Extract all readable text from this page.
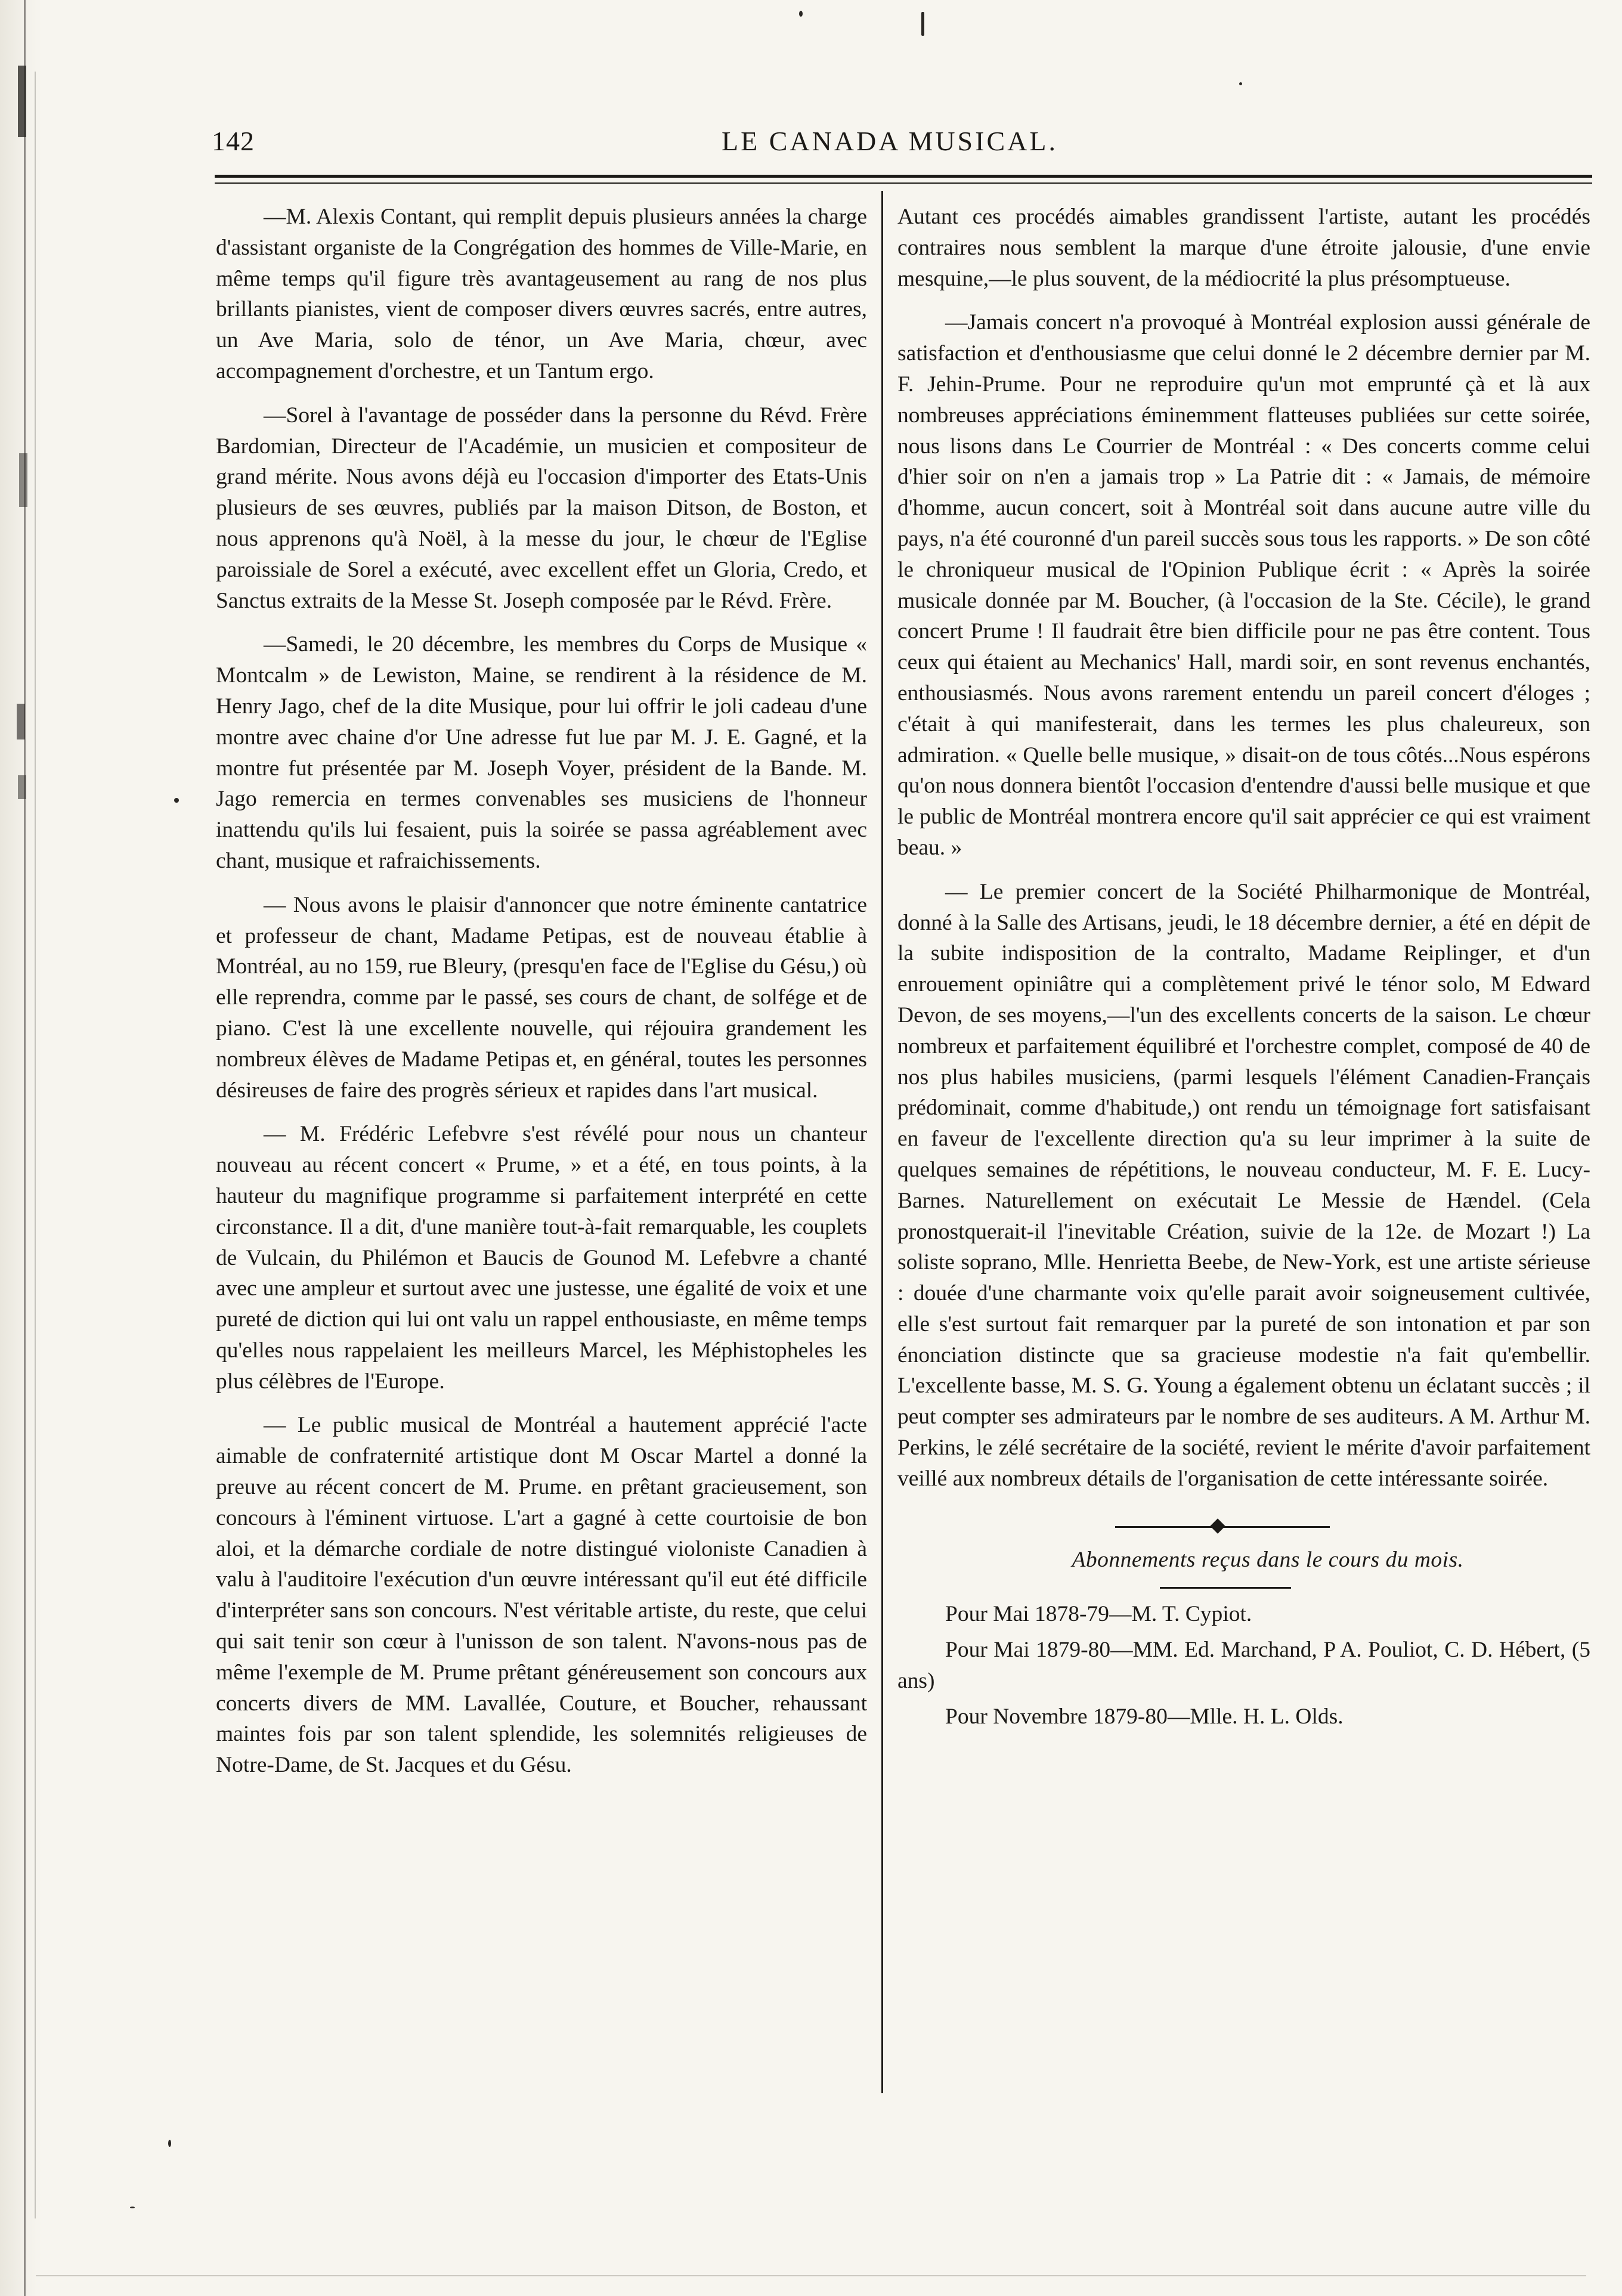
142	LE CANADA MUSICAL.

—M. Alexis Contant, qui remplit depuis plusieurs années la charge d'assistant organiste de la Congrégation des hommes de Ville-Marie, en même temps qu'il figure très avantageusement au rang de nos plus brillants pianistes, vient de composer divers œuvres sacrés, entre autres, un Ave Maria, solo de ténor, un Ave Maria, chœur, avec accompagnement d'orchestre, et un Tantum ergo.

—Sorel à l'avantage de posséder dans la personne du Révd. Frère Bardomian, Directeur de l'Académie, un musicien et compositeur de grand mérite. Nous avons déjà eu l'occasion d'importer des Etats-Unis plusieurs de ses œuvres, publiés par la maison Ditson, de Boston, et nous apprenons qu'à Noël, à la messe du jour, le chœur de l'Eglise paroissiale de Sorel a exécuté, avec excellent effet un Gloria, Credo, et Sanctus extraits de la Messe St. Joseph composée par le Révd. Frère.

—Samedi, le 20 décembre, les membres du Corps de Musique « Montcalm » de Lewiston, Maine, se rendirent à la résidence de M. Henry Jago, chef de la dite Musique, pour lui offrir le joli cadeau d'une montre avec chaine d'or Une adresse fut lue par M. J. E. Gagné, et la montre fut présentée par M. Joseph Voyer, président de la Bande. M. Jago remercia en termes convenables ses musiciens de l'honneur inattendu qu'ils lui fesaient, puis la soirée se passa agréablement avec chant, musique et rafraichissements.

— Nous avons le plaisir d'annoncer que notre éminente cantatrice et professeur de chant, Madame Petipas, est de nouveau établie à Montréal, au no 159, rue Bleury, (presqu'en face de l'Eglise du Gésu,) où elle reprendra, comme par le passé, ses cours de chant, de solfége et de piano. C'est là une excellente nouvelle, qui réjouira grandement les nombreux élèves de Madame Petipas et, en général, toutes les personnes désireuses de faire des progrès sérieux et rapides dans l'art musical.

— M. Frédéric Lefebvre s'est révélé pour nous un chanteur nouveau au récent concert « Prume, » et a été, en tous points, à la hauteur du magnifique programme si parfaitement interprété en cette circonstance. Il a dit, d'une manière tout-à-fait remarquable, les couplets de Vulcain, du Philémon et Baucis de Gounod M. Lefebvre a chanté avec une ampleur et surtout avec une justesse, une égalité de voix et une pureté de diction qui lui ont valu un rappel enthousiaste, en même temps qu'elles nous rappelaient les meilleurs Marcel, les Méphistopheles les plus célèbres de l'Europe.

— Le public musical de Montréal a hautement apprécié l'acte aimable de confraternité artistique dont M Oscar Martel a donné la preuve au récent concert de M. Prume. en prêtant gracieusement, son concours à l'éminent virtuose. L'art a gagné à cette courtoisie de bon aloi, et la démarche cordiale de notre distingué violoniste Canadien à valu à l'auditoire l'exécution d'un œuvre intéressant qu'il eut été difficile d'interpréter sans son concours. N'est véritable artiste, du reste, que celui qui sait tenir son cœur à l'unisson de son talent. N'avons-nous pas de même l'exemple de M. Prume prêtant généreusement son concours aux concerts divers de MM. Lavallée, Couture, et Boucher, rehaussant maintes fois par son talent splendide, les solemnités religieuses de Notre-Dame, de St. Jacques et du Gésu.

Autant ces procédés aimables grandissent l'artiste, autant les procédés contraires nous semblent la marque d'une étroite jalousie, d'une envie mesquine,—le plus souvent, de la médiocrité la plus présomptueuse.

—Jamais concert n'a provoqué à Montréal explosion aussi générale de satisfaction et d'enthousiasme que celui donné le 2 décembre dernier par M. F. Jehin-Prume. Pour ne reproduire qu'un mot emprunté çà et là aux nombreuses appréciations éminemment flatteuses publiées sur cette soirée, nous lisons dans Le Courrier de Montréal : « Des concerts comme celui d'hier soir on n'en a jamais trop » La Patrie dit : « Jamais, de mémoire d'homme, aucun concert, soit à Montréal soit dans aucune autre ville du pays, n'a été couronné d'un pareil succès sous tous les rapports. » De son côté le chroniqueur musical de l'Opinion Publique écrit : « Après la soirée musicale donnée par M. Boucher, (à l'occasion de la Ste. Cécile), le grand concert Prume ! Il faudrait être bien difficile pour ne pas être content. Tous ceux qui étaient au Mechanics' Hall, mardi soir, en sont revenus enchantés, enthousiasmés. Nous avons rarement entendu un pareil concert d'éloges ; c'était à qui manifesterait, dans les termes les plus chaleureux, son admiration. « Quelle belle musique, » disait-on de tous côtés...Nous espérons qu'on nous donnera bientôt l'occasion d'entendre d'aussi belle musique et que le public de Montréal montrera encore qu'il sait apprécier ce qui est vraiment beau. »

— Le premier concert de la Société Philharmonique de Montréal, donné à la Salle des Artisans, jeudi, le 18 décembre dernier, a été en dépit de la subite indisposition de la contralto, Madame Reiplinger, et d'un enrouement opiniâtre qui a complètement privé le ténor solo, M Edward Devon, de ses moyens,—l'un des excellents concerts de la saison. Le chœur nombreux et parfaitement équilibré et l'orchestre complet, composé de 40 de nos plus habiles musiciens, (parmi lesquels l'élément Canadien-Français prédominait, comme d'habitude,) ont rendu un témoignage fort satisfaisant en faveur de l'excellente direction qu'a su leur imprimer à la suite de quelques semaines de répétitions, le nouveau conducteur, M. F. E. Lucy-Barnes. Naturellement on exécutait Le Messie de Hændel. (Cela pronostquerait-il l'inevitable Création, suivie de la 12e. de Mozart !) La soliste soprano, Mlle. Henrietta Beebe, de New-York, est une artiste sérieuse : douée d'une charmante voix qu'elle parait avoir soigneusement cultivée, elle s'est surtout fait remarquer par la pureté de son intonation et par son énonciation distincte que sa gracieuse modestie n'a fait qu'embellir. L'excellente basse, M. S. G. Young a également obtenu un éclatant succès ; il peut compter ses admirateurs par le nombre de ses auditeurs. A M. Arthur M. Perkins, le zélé secrétaire de la société, revient le mérite d'avoir parfaitement veillé aux nombreux détails de l'organisation de cette intéressante soirée.

Abonnements reçus dans le cours du mois.

Pour Mai 1878-79—M. T. Cypiot.

Pour Mai 1879-80—MM. Ed. Marchand, P A. Pouliot, C. D. Hébert, (5 ans)

Pour Novembre 1879-80—Mlle. H. L. Olds.
